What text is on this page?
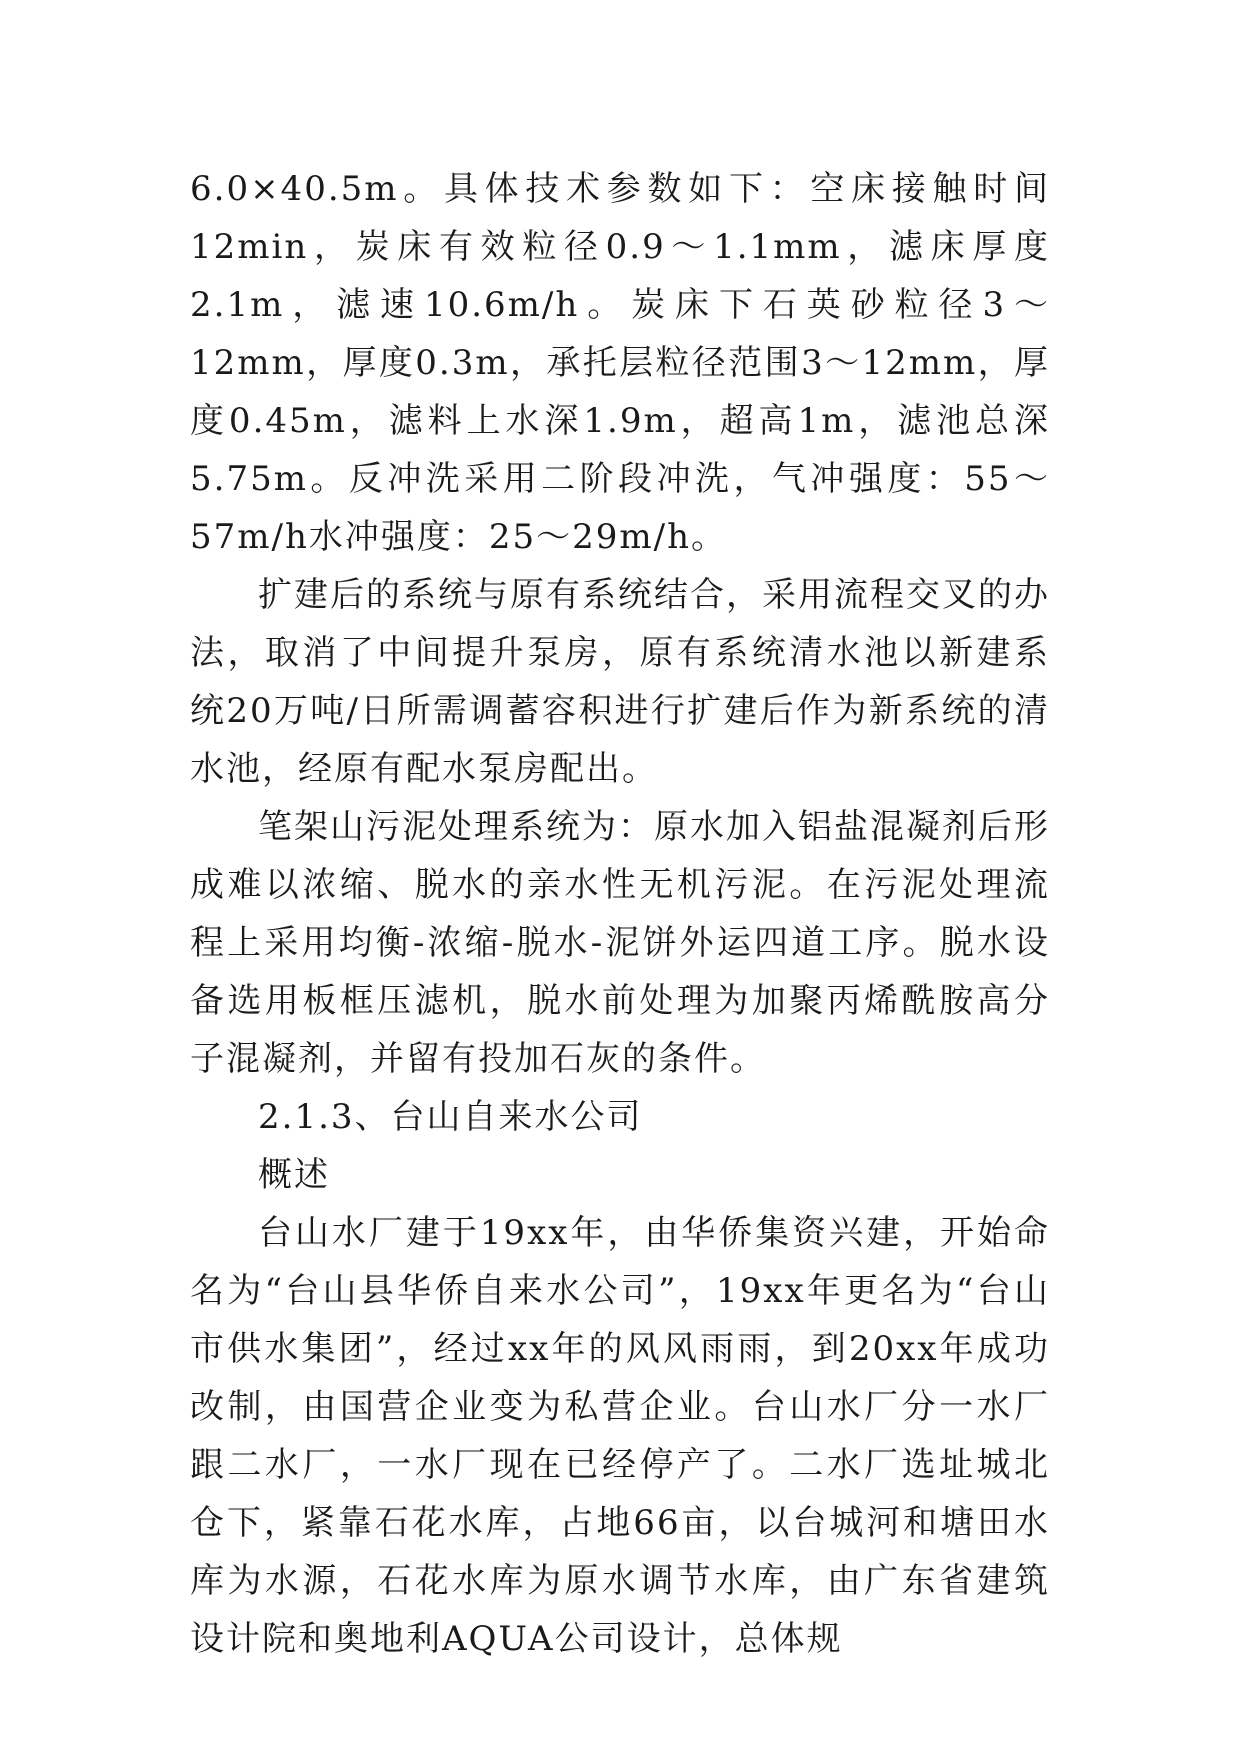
6.0×40.5m。具体技术参数如下：空床接触时间12min，炭床有效粒径0.9～1.1mm，滤床厚度2.1m，滤速10.6m/h。炭床下石英砂粒径3～12mm，厚度0.3m，承托层粒径范围3～12mm，厚度0.45m，滤料上水深1.9m，超高1m，滤池总深5.75m。反冲洗采用二阶段冲洗，气冲强度：55～57m/h水冲强度：25～29m/h。

扩建后的系统与原有系统结合，采用流程交叉的办法，取消了中间提升泵房，原有系统清水池以新建系统20万吨/日所需调蓄容积进行扩建后作为新系统的清水池，经原有配水泵房配出。

笔架山污泥处理系统为：原水加入铝盐混凝剂后形成难以浓缩、脱水的亲水性无机污泥。在污泥处理流程上采用均衡-浓缩-脱水-泥饼外运四道工序。脱水设备选用板框压滤机，脱水前处理为加聚丙烯酰胺高分子混凝剂，并留有投加石灰的条件。

2.1.3、台山自来水公司

概述

台山水厂建于19xx年，由华侨集资兴建，开始命名为“台山县华侨自来水公司”，19xx年更名为“台山市供水集团”，经过xx年的风风雨雨，到20xx年成功改制，由国营企业变为私营企业。台山水厂分一水厂跟二水厂，一水厂现在已经停产了。二水厂选址城北仓下，紧靠石花水库，占地66亩，以台城河和塘田水库为水源，石花水库为原水调节水库，由广东省建筑设计院和奥地利AQUA公司设计，总体规
